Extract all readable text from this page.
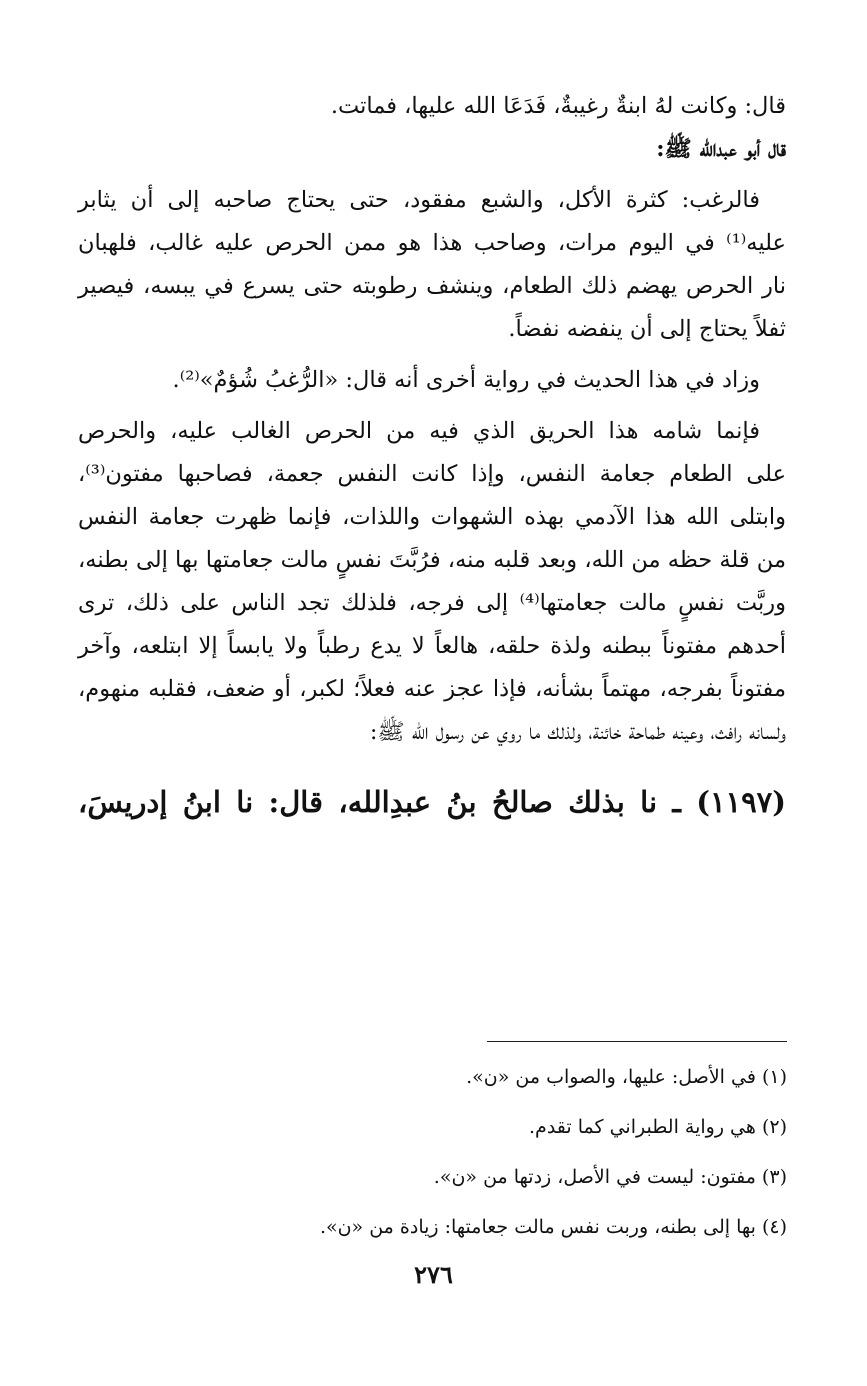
قال: وكانت لهُ ابنةٌ رغيبةٌ، فَدَعَا الله عليها، فماتت.
قال أبو عبدالله ﷺ:
فالرغب: كثرة الأكل، والشبع مفقود، حتى يحتاج صاحبه إلى أن يثابر
عليه⁽¹⁾ في اليوم مرات، وصاحب هذا هو ممن الحرص عليه غالب، فلهبان
نار الحرص يهضم ذلك الطعام، وينشف رطوبته حتى يسرع في يبسه، فيصير
ثفلاً يحتاج إلى أن ينفضه نفضاً.
وزاد في هذا الحديث في رواية أخرى أنه قال: «الرُّغبُ شُؤمٌ»⁽²⁾.
فإنما شامه هذا الحريق الذي فيه من الحرص الغالب عليه، والحرص
على الطعام جعامة النفس، وإذا كانت النفس جعمة، فصاحبها مفتون⁽³⁾،
وابتلى الله هذا الآدمي بهذه الشهوات واللذات، فإنما ظهرت جعامة النفس
من قلة حظه من الله، وبعد قلبه منه، فرُبَّتَ نفسٍ مالت جعامتها بها إلى بطنه،
وربَّت نفسٍ مالت جعامتها⁽⁴⁾ إلى فرجه، فلذلك تجد الناس على ذلك، ترى
أحدهم مفتوناً ببطنه ولذة حلقه، هالعاً لا يدع رطباً ولا يابساً إلا ابتلعه، وآخر
مفتوناً بفرجه، مهتماً بشأنه، فإذا عجز عنه فعلاً؛ لكبر، أو ضعف، فقلبه منهوم،
ولسانه رافث، وعينه طماحة خائنة، ولذلك ما روي عن رسول الله ﷺ:
(١١٩٧) ـ نا بذلك صالحُ بنُ عبدِالله، قال: نا ابنُ إدريسَ،
(١) في الأصل: عليها، والصواب من «ن».
(٢) هي رواية الطبراني كما تقدم.
(٣) مفتون: ليست في الأصل، زدتها من «ن».
(٤) بها إلى بطنه، وربت نفس مالت جعامتها: زيادة من «ن».
٢٧٦
